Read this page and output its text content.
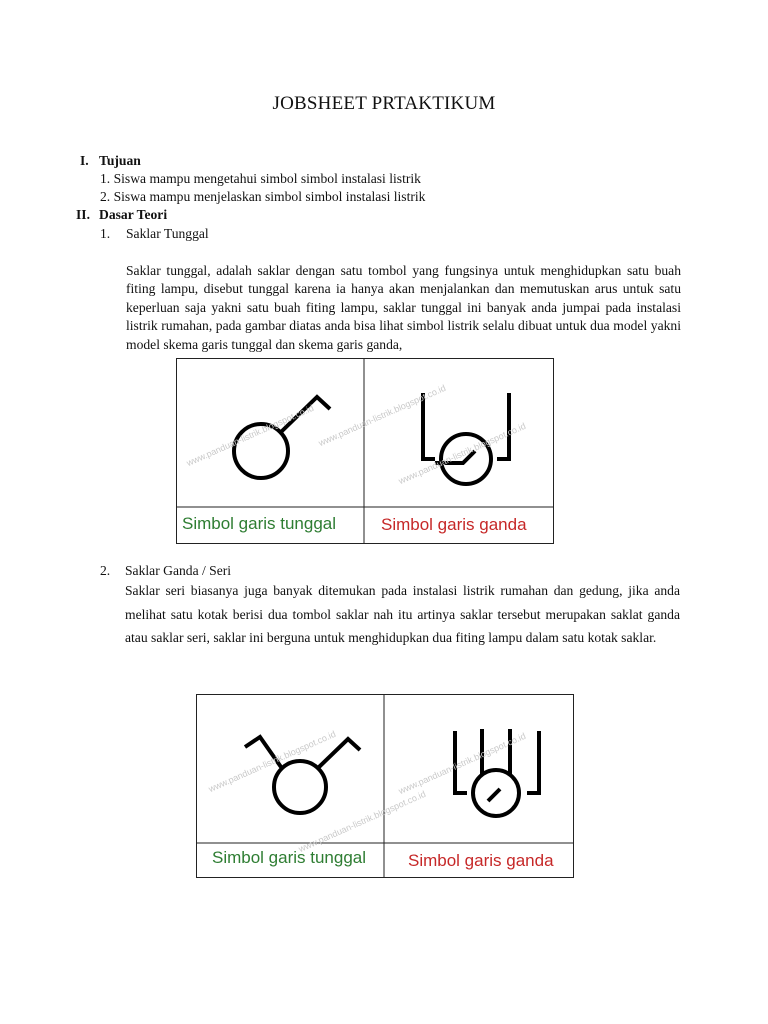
JOBSHEET PRTAKTIKUM
I. Tujuan
1. Siswa mampu mengetahui simbol simbol instalasi listrik
2. Siswa mampu menjelaskan simbol simbol instalasi listrik
II. Dasar Teori
1. Saklar Tunggal
Saklar tunggal, adalah saklar dengan satu tombol yang fungsinya untuk menghidupkan satu buah fiting lampu, disebut tunggal karena ia hanya akan menjalankan dan memutuskan arus untuk satu keperluan saja yakni satu buah fiting lampu, saklar tunggal ini banyak anda jumpai pada instalasi listrik rumahan, pada gambar diatas anda bisa lihat simbol listrik selalu dibuat untuk dua model yakni model skema garis tunggal dan skema garis ganda,
www.panduan-listrik.blogspot.co.id www.panduan-listrik.blogspot.co.id
www.panduan-listrik.blogspot.co.id
Simbol garis tunggal	Simbol garis ganda
2. Saklar Ganda / Seri
Saklar seri biasanya juga banyak ditemukan pada instalasi listrik rumahan dan gedung, jika anda melihat satu kotak berisi dua tombol saklar nah itu artinya saklar tersebut merupakan saklat ganda atau saklar seri, saklar ini berguna untuk menghidupkan dua fiting lampu dalam satu kotak saklar.
www.panduan-listrik.blogspot.co.id	www.panduan-listrik.blogspot.co.id
www.panduan-listrik.blogspot.co.id
Simbol garis tunggal Simbol garis ganda
